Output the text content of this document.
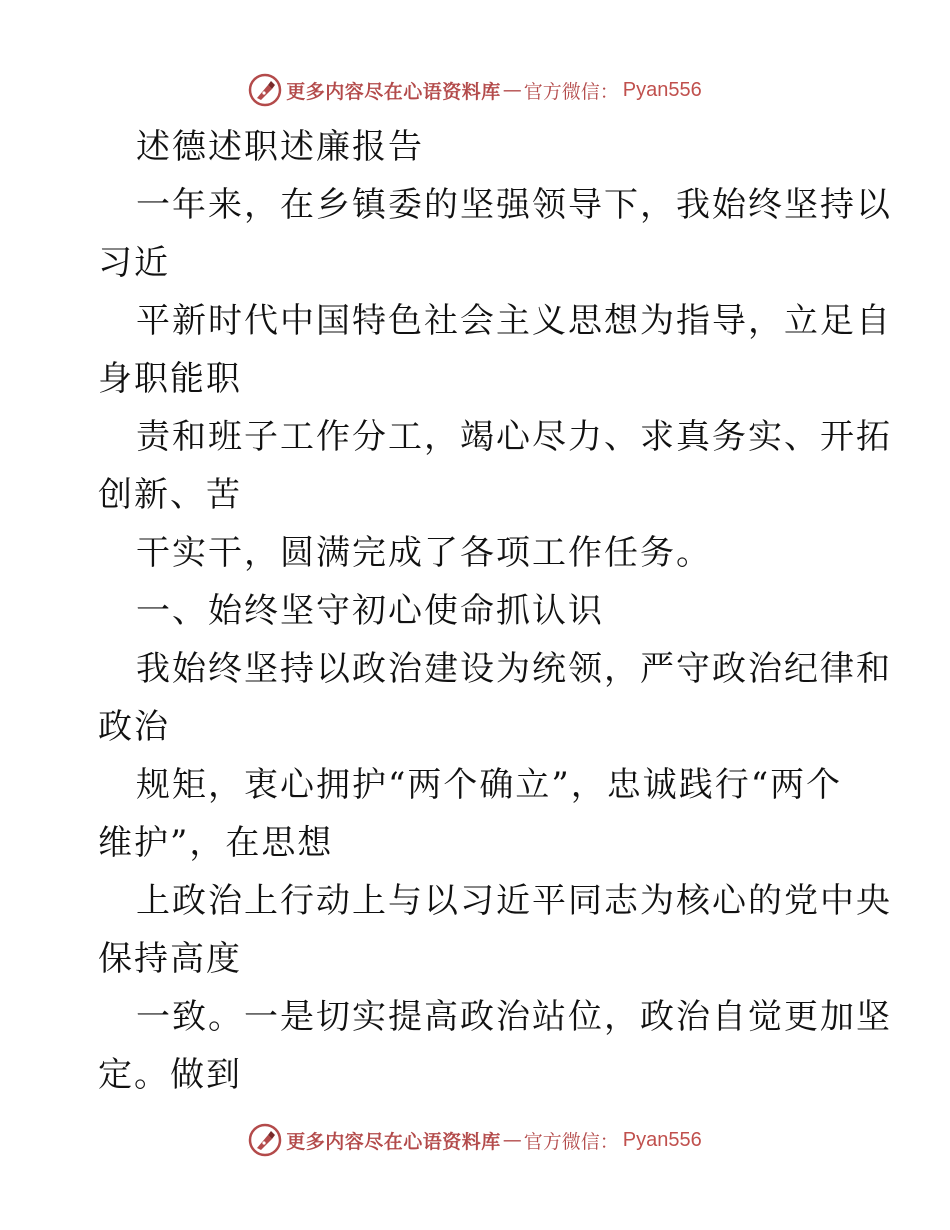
更多内容尽在心语资料库 — 官方微信： Pyan556
述德述职述廉报告
一年来，在乡镇委的坚强领导下，我始终坚持以
习近
平新时代中国特色社会主义思想为指导，立足自
身职能职
责和班子工作分工，竭心尽力、求真务实、开拓
创新、苦
干实干，圆满完成了各项工作任务。
一、始终坚守初心使命抓认识
我始终坚持以政治建设为统领，严守政治纪律和
政治
规矩，衷心拥护“两个确立”，忠诚践行“两个
维护”，在思想
上政治上行动上与以习近平同志为核心的党中央
保持高度
一致。一是切实提高政治站位，政治自觉更加坚
定。做到
更多内容尽在心语资料库 — 官方微信： Pyan556
